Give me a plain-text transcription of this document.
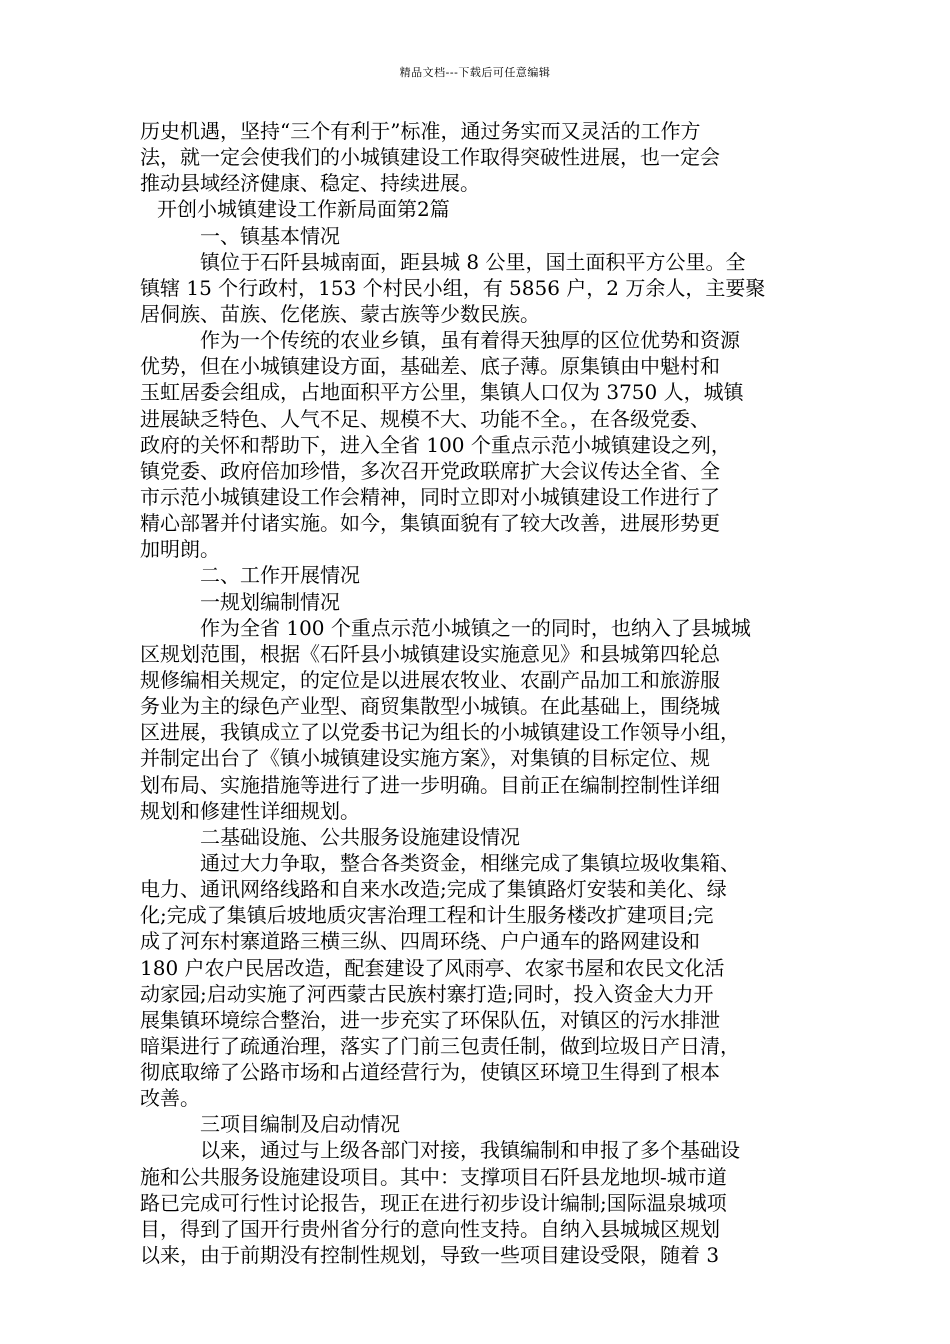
精品文档---下载后可任意编辑
历史机遇，坚持“三个有利于”标准，通过务实而又灵活的工作方
法，就一定会使我们的小城镇建设工作取得突破性进展，也一定会
推动县域经济健康、稳定、持续进展。
开创小城镇建设工作新局面第2篇
一、镇基本情况
镇位于石阡县城南面，距县城 8 公里，国土面积平方公里。全
镇辖 15 个行政村，153 个村民小组，有 5856 户，2 万余人，主要聚
居侗族、苗族、仡佬族、蒙古族等少数民族。
作为一个传统的农业乡镇，虽有着得天独厚的区位优势和资源
优势，但在小城镇建设方面，基础差、底子薄。原集镇由中魁村和
玉虹居委会组成，占地面积平方公里，集镇人口仅为 3750 人，城镇
进展缺乏特色、人气不足、规模不大、功能不全。，在各级党委、
政府的关怀和帮助下，进入全省 100 个重点示范小城镇建设之列，
镇党委、政府倍加珍惜，多次召开党政联席扩大会议传达全省、全
市示范小城镇建设工作会精神，同时立即对小城镇建设工作进行了
精心部署并付诸实施。如今，集镇面貌有了较大改善，进展形势更
加明朗。
二、工作开展情况
一规划编制情况
作为全省 100 个重点示范小城镇之一的同时，也纳入了县城城
区规划范围，根据《石阡县小城镇建设实施意见》和县城第四轮总
规修编相关规定，的定位是以进展农牧业、农副产品加工和旅游服
务业为主的绿色产业型、商贸集散型小城镇。在此基础上，围绕城
区进展，我镇成立了以党委书记为组长的小城镇建设工作领导小组，
并制定出台了《镇小城镇建设实施方案》，对集镇的目标定位、规
划布局、实施措施等进行了进一步明确。目前正在编制控制性详细
规划和修建性详细规划。
二基础设施、公共服务设施建设情况
通过大力争取，整合各类资金，相继完成了集镇垃圾收集箱、
电力、通讯网络线路和自来水改造;完成了集镇路灯安装和美化、绿
化;完成了集镇后坡地质灾害治理工程和计生服务楼改扩建项目;完
成了河东村寨道路三横三纵、四周环绕、户户通车的路网建设和
180 户农户民居改造，配套建设了风雨亭、农家书屋和农民文化活
动家园;启动实施了河西蒙古民族村寨打造;同时，投入资金大力开
展集镇环境综合整治，进一步充实了环保队伍，对镇区的污水排泄
暗渠进行了疏通治理，落实了门前三包责任制，做到垃圾日产日清，
彻底取缔了公路市场和占道经营行为，使镇区环境卫生得到了根本
改善。
三项目编制及启动情况
以来，通过与上级各部门对接，我镇编制和申报了多个基础设
施和公共服务设施建设项目。其中：支撑项目石阡县龙地坝-城市道
路已完成可行性讨论报告，现正在进行初步设计编制;国际温泉城项
目，得到了国开行贵州省分行的意向性支持。自纳入县城城区规划
以来，由于前期没有控制性规划，导致一些项目建设受限，随着 3
